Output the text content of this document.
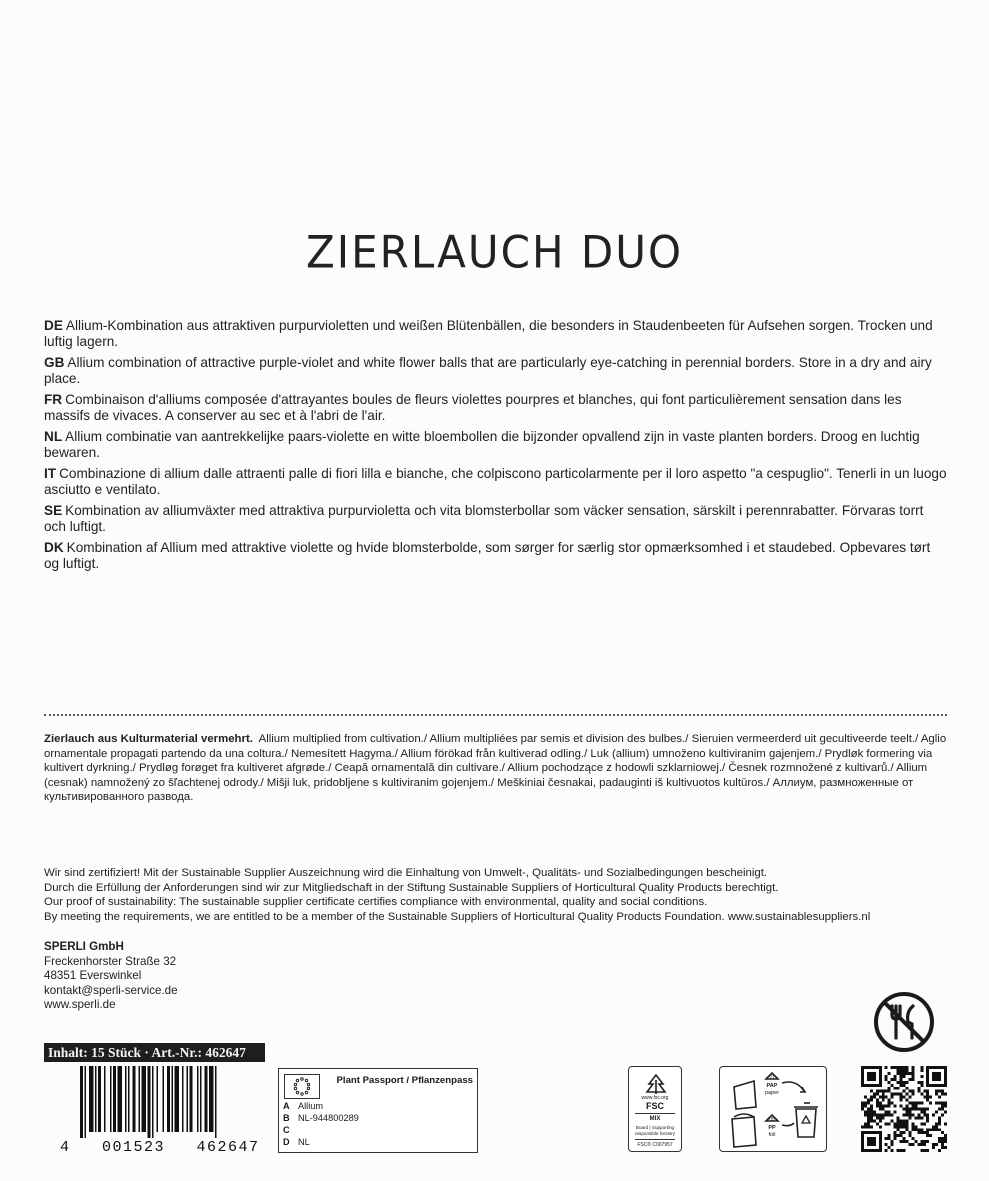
ZIERLAUCH DUO

DE Allium-Kombination aus attraktiven purpurvioletten und weißen Blütenbällen, die besonders in Staudenbeeten für Aufsehen sorgen. Trocken und luftig lagern.

GB Allium combination of attractive purple-violet and white flower balls that are particularly eye-catching in perennial borders. Store in a dry and airy place.

FR Combinaison d'alliums composée d'attrayantes boules de fleurs violettes pourpres et blanches, qui font particulièrement sensation dans les massifs de vivaces. A conserver au sec et à l'abri de l'air.

NL Allium combinatie van aantrekkelijke paars-violette en witte bloembollen die bijzonder opvallend zijn in vaste planten borders. Droog en luchtig bewaren.

IT Combinazione di allium dalle attraenti palle di fiori lilla e bianche, che colpiscono particolarmente per il loro aspetto "a cespuglio". Tenerli in un luogo asciutto e ventilato.

SE Kombination av alliumväxter med attraktiva purpurvioletta och vita blomsterbollar som väcker sensation, särskilt i perennrabatter. Förvaras torrt och luftigt.

DK Kombination af Allium med attraktive violette og hvide blomsterbolde, som sørger for særlig stor opmærksomhed i et staudebed. Opbevares tørt og luftigt.

Zierlauch aus Kulturmaterial vermehrt. Allium multiplied from cultivation./ Allium multipliées par semis et division des bulbes./ Sieruien vermeerderd uit gecultiveerde teelt./ Aglio ornamentale propagati partendo da una coltura./ Nemesített Hagyma./ Allium förökad från kultiverad odling./ Luk (allium) umnoženo kultiviranim gajenjem./ Prydløk formering via kultivert dyrkning./ Prydløg forøget fra kultiveret afgrøde./ Ceapă ornamentală din cultivare./ Allium pochodzące z hodowli szklarniowej./ Česnek rozmnožené z kultivarů./ Allium (cesnak) namnožený zo šľachtenej odrody./ Mišji luk, pridobljene s kultiviranim gojenjem./ Meškiniai česnakai, padauginti iš kultivuotos kultūros./ Аллиум, размноженные от культивированного развода.
Wir sind zertifiziert! Mit der Sustainable Supplier Auszeichnung wird die Einhaltung von Umwelt-, Qualitäts- und Sozialbedingungen bescheinigt.
Durch die Erfüllung der Anforderungen sind wir zur Mitgliedschaft in der Stiftung Sustainable Suppliers of Horticultural Quality Products berechtigt.
Our proof of sustainability: The sustainable supplier certificate certifies compliance with environmental, quality and social conditions.
By meeting the requirements, we are entitled to be a member of the Sustainable Suppliers of Horticultural Quality Products Foundation. www.sustainablesuppliers.nl
SPERLI GmbH
Freckenhorster Straße 32
48351 Everswinkel
kontakt@sperli-service.de
www.sperli.de
Inhalt: 15 Stück · Art.-Nr.: 462647
4   001523   462647
Plant Passport / Pflanzenpass
A Allium
B NL-944800289
C
D NL
www.fsc.org
FSC
MIX
Board | Supporting
responsible forestry
FSC® C007957
21
PAP
paper
05
PP
foil
